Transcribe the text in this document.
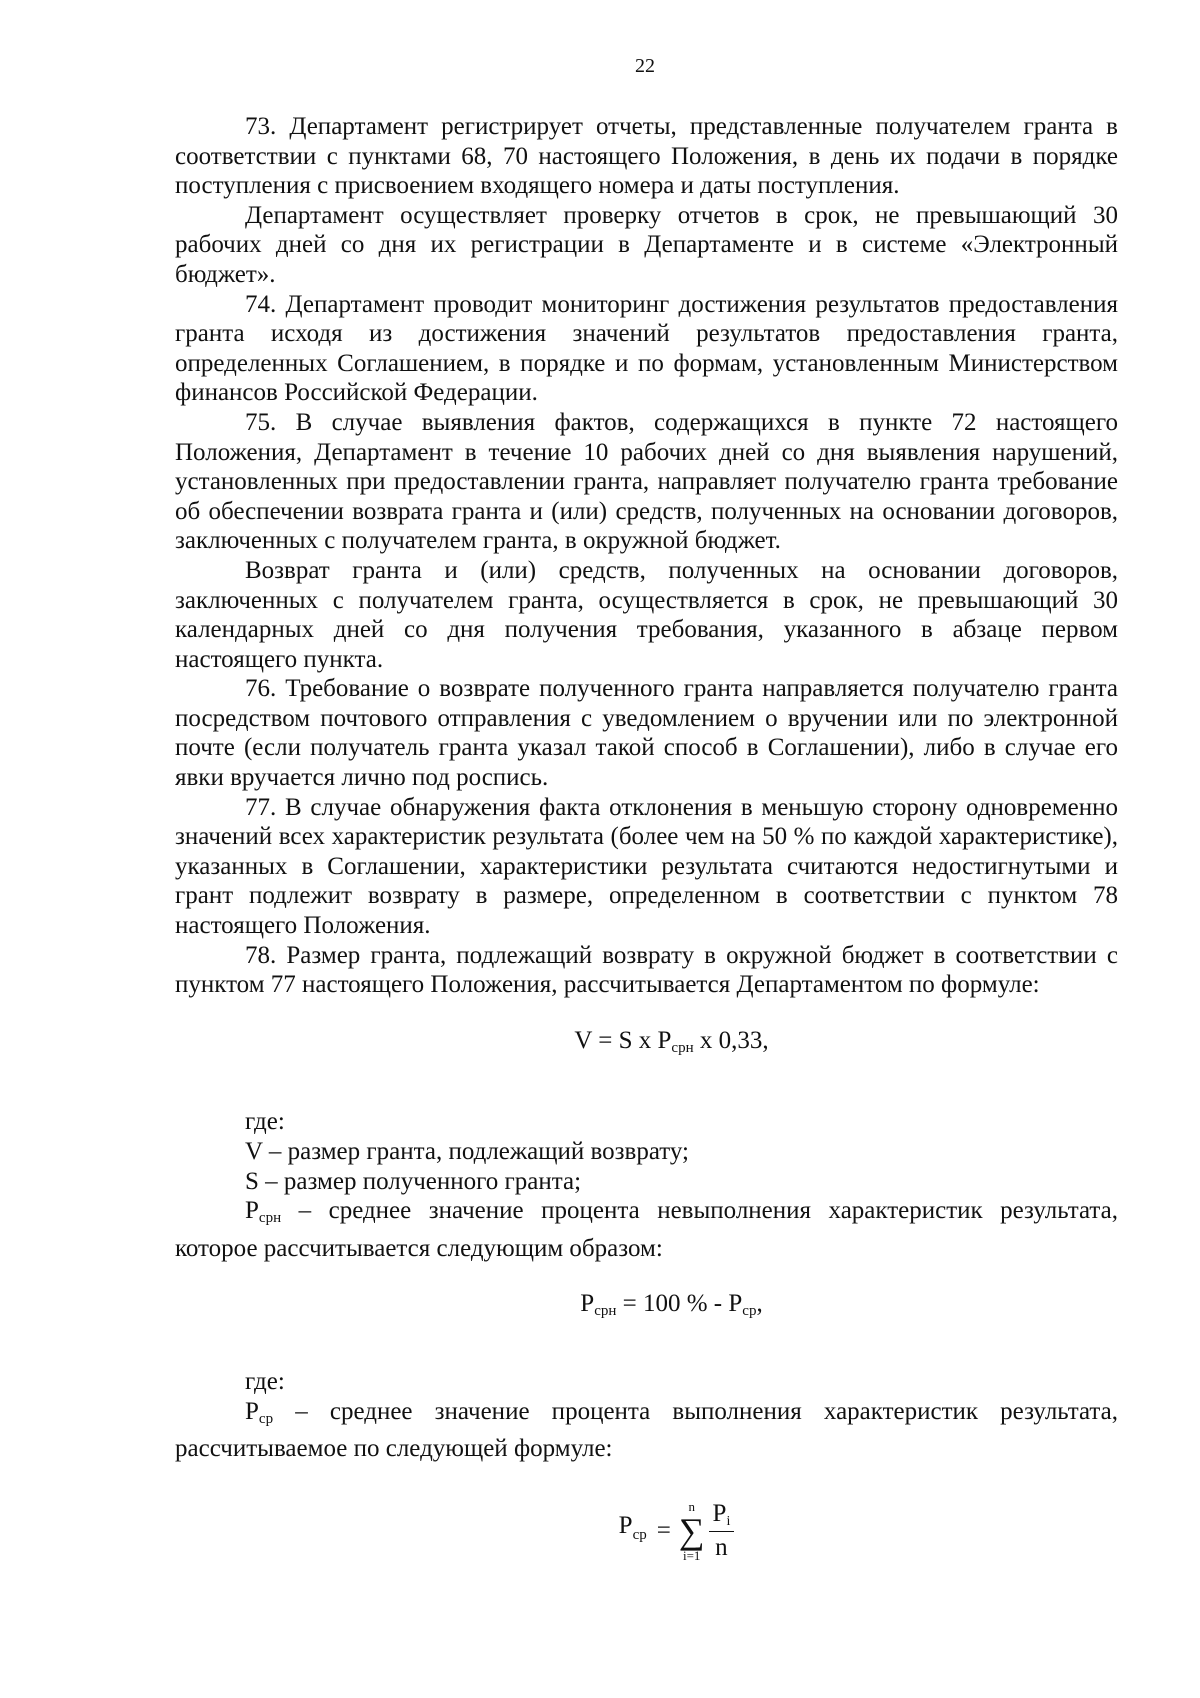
22

73. Департамент регистрирует отчеты, представленные получателем гранта в соответствии с пунктами 68, 70 настоящего Положения, в день их подачи в порядке поступления с присвоением входящего номера и даты поступления.

Департамент осуществляет проверку отчетов в срок, не превышающий 30 рабочих дней со дня их регистрации в Департаменте и в системе «Электронный бюджет».

74. Департамент проводит мониторинг достижения результатов предоставления гранта исходя из достижения значений результатов предоставления гранта, определенных Соглашением, в порядке и по формам, установленным Министерством финансов Российской Федерации.

75. В случае выявления фактов, содержащихся в пункте 72 настоящего Положения, Департамент в течение 10 рабочих дней со дня выявления нарушений, установленных при предоставлении гранта, направляет получателю гранта требование об обеспечении возврата гранта и (или) средств, полученных на основании договоров, заключенных с получателем гранта, в окружной бюджет.

Возврат гранта и (или) средств, полученных на основании договоров, заключенных с получателем гранта, осуществляется в срок, не превышающий 30 календарных дней со дня получения требования, указанного в абзаце первом настоящего пункта.

76. Требование о возврате полученного гранта направляется получателю гранта посредством почтового отправления с уведомлением о вручении или по электронной почте (если получатель гранта указал такой способ в Соглашении), либо в случае его явки вручается лично под роспись.

77. В случае обнаружения факта отклонения в меньшую сторону одновременно значений всех характеристик результата (более чем на 50 % по каждой характеристике), указанных в Соглашении, характеристики результата считаются недостигнутыми и грант подлежит возврату в размере, определенном в соответствии с пунктом 78 настоящего Положения.

78. Размер гранта, подлежащий возврату в окружной бюджет в соответствии с пунктом 77 настоящего Положения, рассчитывается Департаментом по формуле:

V = S x $P_{срн}$ x 0,33,

где:

V – размер гранта, подлежащий возврату;

S – размер полученного гранта;

Pсрн – среднее значение процента невыполнения характеристик результата, которое рассчитывается следующим образом:

$P_{срн} = 100$ % - $P_{ср}$,

где:

Pср – среднее значение процента выполнения характеристик результата, рассчитываемое по следующей формуле:

$P_{ср}$ =
n
∑
$i=1 \frac{P_i}{n}$
